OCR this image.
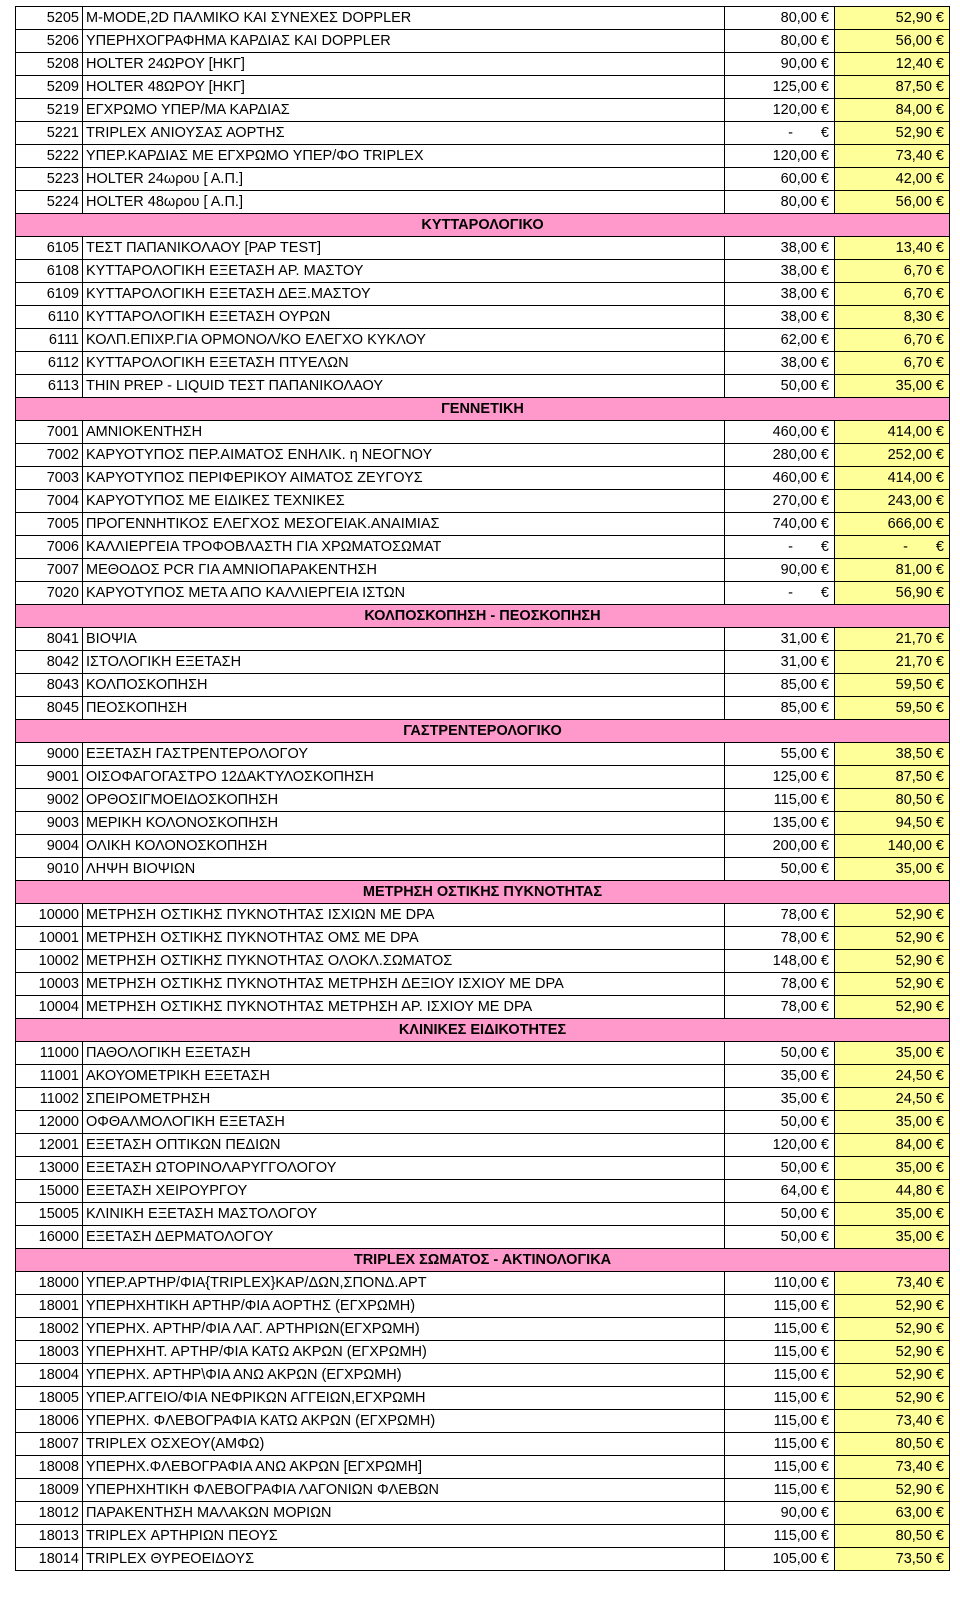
5205	M-MODE,2D ΠΑΛΜΙΚΟ ΚΑΙ ΣΥΝΕΧΕΣ DOPPLER	80,00 €	52,90 €
5206	ΥΠΕΡΗΧΟΓΡΑΦΗΜΑ ΚΑΡΔΙΑΣ ΚΑΙ DOPPLER	80,00 €	56,00 €
5208	HOLTER 24ΩΡΟΥ [ΗΚΓ]	90,00 €	12,40 €
5209	HOLTER 48ΩΡΟΥ [ΗΚΓ]	125,00 €	87,50 €
5219	ΕΓΧΡΩΜΟ ΥΠΕΡ/ΜΑ ΚΑΡΔΙΑΣ	120,00 €	84,00 €
5221	TRIPLEX ΑΝΙΟΥΣΑΣ ΑΟΡΤΗΣ	- €	52,90 €
5222	ΥΠΕΡ.ΚΑΡΔΙΑΣ ΜΕ ΕΓΧΡΩΜΟ ΥΠΕΡ/ΦΟ TRIPLEX	120,00 €	73,40 €
5223	HOLTER 24ωρου [ Α.Π.]	60,00 €	42,00 €
5224	HOLTER 48ωρου [ Α.Π.]	80,00 €	56,00 €
ΚΥΤΤΑΡΟΛΟΓΙΚΟ			
6105	ΤΕΣΤ ΠΑΠΑΝΙΚΟΛΑΟΥ [PAP TEST]	38,00 €	13,40 €
6108	ΚΥΤΤΑΡΟΛΟΓΙΚΗ ΕΞΕΤΑΣΗ ΑΡ. ΜΑΣΤΟΥ	38,00 €	6,70 €
6109	ΚΥΤΤΑΡΟΛΟΓΙΚΗ ΕΞΕΤΑΣΗ ΔΕΞ.ΜΑΣΤΟΥ	38,00 €	6,70 €
6110	ΚΥΤΤΑΡΟΛΟΓΙΚΗ ΕΞΕΤΑΣΗ ΟΥΡΩΝ	38,00 €	8,30 €
6111	ΚΟΛΠ.ΕΠΙΧΡ.ΓΙΑ ΟΡΜΟΝΟΛ/ΚΟ ΕΛΕΓΧΟ ΚΥΚΛΟΥ	62,00 €	6,70 €
6112	ΚΥΤΤΑΡΟΛΟΓΙΚΗ ΕΞΕΤΑΣΗ ΠΤΥΕΛΩΝ	38,00 €	6,70 €
6113	THIN PREP - LIQUID ΤΕΣΤ ΠΑΠΑΝΙΚΟΛΑΟΥ	50,00 €	35,00 €
ΓΕΝΝΕΤΙΚΗ			
7001	ΑΜΝΙΟΚΕΝΤΗΣΗ	460,00 €	414,00 €
7002	ΚΑΡΥΟΤΥΠΟΣ ΠΕΡ.ΑΙΜΑΤΟΣ ΕΝΗΛΙΚ. η ΝΕΟΓΝΟΥ	280,00 €	252,00 €
7003	ΚΑΡΥΟΤΥΠΟΣ ΠΕΡΙΦΕΡΙΚΟΥ ΑΙΜΑΤΟΣ ΖΕΥΓΟΥΣ	460,00 €	414,00 €
7004	ΚΑΡΥΟΤΥΠΟΣ ΜΕ ΕΙΔΙΚΕΣ ΤΕΧΝΙΚΕΣ	270,00 €	243,00 €
7005	ΠΡΟΓΕΝΝΗΤΙΚΟΣ ΕΛΕΓΧΟΣ ΜΕΣΟΓΕΙΑΚ.ΑΝΑΙΜΙΑΣ	740,00 €	666,00 €
7006	ΚΑΛΛΙΕΡΓΕΙΑ ΤΡΟΦΟΒΛΑΣΤΗ ΓΙΑ ΧΡΩΜΑΤΟΣΩΜΑΤ	- €	- €
7007	ΜΕΘΟΔΟΣ PCR ΓΙΑ ΑΜΝΙΟΠΑΡΑΚΕΝΤΗΣΗ	90,00 €	81,00 €
7020	ΚΑΡΥΟΤΥΠΟΣ ΜΕΤΑ ΑΠΟ ΚΑΛΛΙΕΡΓΕΙΑ ΙΣΤΩΝ	- €	56,90 €
ΚΟΛΠΟΣΚΟΠΗΣΗ - ΠΕΟΣΚΟΠΗΣΗ			
8041	ΒΙΟΨΙΑ	31,00 €	21,70 €
8042	ΙΣΤΟΛΟΓΙΚΗ ΕΞΕΤΑΣΗ	31,00 €	21,70 €
8043	ΚΟΛΠΟΣΚΟΠΗΣΗ	85,00 €	59,50 €
8045	ΠΕΟΣΚΟΠΗΣΗ	85,00 €	59,50 €
ΓΑΣΤΡΕΝΤΕΡΟΛΟΓΙΚΟ			
9000	ΕΞΕΤΑΣΗ ΓΑΣΤΡΕΝΤΕΡΟΛΟΓΟΥ	55,00 €	38,50 €
9001	ΟΙΣΟΦΑΓΟΓΑΣΤΡΟ 12ΔΑΚΤΥΛΟΣΚΟΠΗΣΗ	125,00 €	87,50 €
9002	ΟΡΘΟΣΙΓΜΟΕΙΔΟΣΚΟΠΗΣΗ	115,00 €	80,50 €
9003	ΜΕΡΙΚΗ ΚΟΛΟΝΟΣΚΟΠΗΣΗ	135,00 €	94,50 €
9004	ΟΛΙΚΗ ΚΟΛΟΝΟΣΚΟΠΗΣΗ	200,00 €	140,00 €
9010	ΛΗΨΗ ΒΙΟΨΙΩΝ	50,00 €	35,00 €
ΜΕΤΡΗΣΗ ΟΣΤΙΚΗΣ ΠΥΚΝΟΤΗΤΑΣ			
10000	ΜΕΤΡΗΣΗ ΟΣΤΙΚΗΣ ΠΥΚΝΟΤΗΤΑΣ ΙΣΧΙΩΝ ΜΕ DPA	78,00 €	52,90 €
10001	ΜΕΤΡΗΣΗ ΟΣΤΙΚΗΣ ΠΥΚΝΟΤΗΤΑΣ ΟΜΣ ΜΕ DPA	78,00 €	52,90 €
10002	ΜΕΤΡΗΣΗ ΟΣΤΙΚΗΣ ΠΥΚΝΟΤΗΤΑΣ ΟΛΟΚΛ.ΣΩΜΑΤΟΣ	148,00 €	52,90 €
10003	ΜΕΤΡΗΣΗ ΟΣΤΙΚΗΣ ΠΥΚΝΟΤΗΤΑΣ ΜΕΤΡΗΣΗ ΔΕΞΙΟΥ ΙΣΧΙΟΥ ΜΕ DPA	78,00 €	52,90 €
10004	ΜΕΤΡΗΣΗ ΟΣΤΙΚΗΣ ΠΥΚΝΟΤΗΤΑΣ ΜΕΤΡΗΣΗ ΑΡ. ΙΣΧΙΟΥ ΜΕ DPA	78,00 €	52,90 €
ΚΛΙΝΙΚΕΣ ΕΙΔΙΚΟΤΗΤΕΣ			
11000	ΠΑΘΟΛΟΓΙΚΗ ΕΞΕΤΑΣΗ	50,00 €	35,00 €
11001	ΑΚΟΥΟΜΕΤΡΙΚΗ ΕΞΕΤΑΣΗ	35,00 €	24,50 €
11002	ΣΠΕΙΡΟΜΕΤΡΗΣΗ	35,00 €	24,50 €
12000	ΟΦΘΑΛΜΟΛΟΓΙΚΗ ΕΞΕΤΑΣΗ	50,00 €	35,00 €
12001	ΕΞΕΤΑΣΗ ΟΠΤΙΚΩΝ ΠΕΔΙΩΝ	120,00 €	84,00 €
13000	ΕΞΕΤΑΣΗ ΩΤΟΡΙΝΟΛΑΡΥΓΓΟΛΟΓΟΥ	50,00 €	35,00 €
15000	ΕΞΕΤΑΣΗ ΧΕΙΡΟΥΡΓΟΥ	64,00 €	44,80 €
15005	ΚΛΙΝΙΚΗ ΕΞΕΤΑΣΗ ΜΑΣΤΟΛΟΓΟΥ	50,00 €	35,00 €
16000	ΕΞΕΤΑΣΗ ΔΕΡΜΑΤΟΛΟΓΟΥ	50,00 €	35,00 €
TRIPLEX ΣΩΜΑΤΟΣ - ΑΚΤΙΝΟΛΟΓΙΚΑ			
18000	ΥΠΕΡ.ΑΡΤΗΡ/ΦΙΑ{TRIPLEX}ΚΑΡ/ΔΩΝ,ΣΠΟΝΔ.ΑΡΤ	110,00 €	73,40 €
18001	ΥΠΕΡΗΧΗΤΙΚΗ ΑΡΤΗΡ/ΦΙΑ ΑΟΡΤΗΣ (ΕΓΧΡΩΜΗ)	115,00 €	52,90 €
18002	ΥΠΕΡΗΧ. ΑΡΤΗΡ/ΦΙΑ ΛΑΓ. ΑΡΤΗΡΙΩΝ(ΕΓΧΡΩΜΗ)	115,00 €	52,90 €
18003	ΥΠΕΡΗΧΗΤ. ΑΡΤΗΡ/ΦΙΑ ΚΑΤΩ ΑΚΡΩΝ (ΕΓΧΡΩΜΗ)	115,00 €	52,90 €
18004	ΥΠΕΡΗΧ. ΑΡΤΗΡ\ΦΙΑ ΑΝΩ ΑΚΡΩΝ (ΕΓΧΡΩΜΗ)	115,00 €	52,90 €
18005	ΥΠΕΡ.ΑΓΓΕΙΟ/ΦΙΑ ΝΕΦΡΙΚΩΝ ΑΓΓΕΙΩΝ,ΕΓΧΡΩΜΗ	115,00 €	52,90 €
18006	ΥΠΕΡΗΧ. ΦΛΕΒΟΓΡΑΦΙΑ ΚΑΤΩ ΑΚΡΩΝ (ΕΓΧΡΩΜΗ)	115,00 €	73,40 €
18007	TRIPLEX ΟΣΧΕΟΥ(ΑΜΦΩ)	115,00 €	80,50 €
18008	ΥΠΕΡΗΧ.ΦΛΕΒΟΓΡΑΦΙΑ ΑΝΩ ΑΚΡΩΝ [ΕΓΧΡΩΜΗ]	115,00 €	73,40 €
18009	ΥΠΕΡΗΧΗΤΙΚΗ ΦΛΕΒΟΓΡΑΦΙΑ ΛΑΓΟΝΙΩΝ ΦΛΕΒΩΝ	115,00 €	52,90 €
18012	ΠΑΡΑΚΕΝΤΗΣΗ ΜΑΛΑΚΩΝ ΜΟΡΙΩΝ	90,00 €	63,00 €
18013	TRIPLEX ΑΡΤΗΡΙΩΝ ΠΕΟΥΣ	115,00 €	80,50 €
18014	TRIPLEX ΘΥΡΕΟΕΙΔΟΥΣ	105,00 €	73,50 €
